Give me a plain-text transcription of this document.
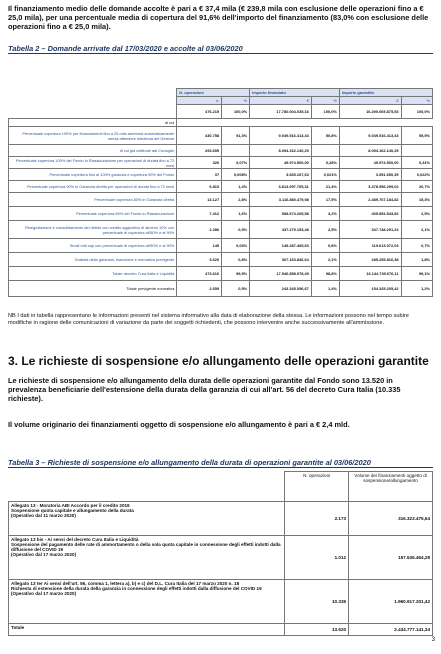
Il finanziamento medio delle domande accolte è pari a € 37,4 mila (€ 239,8 mila con esclusione delle operazioni fino a € 25,0 mila), per una percentuale media di copertura del 91,6% dell'importo del finanziamento (83,0% con esclusione delle operazioni fino a € 25,0 mila).
Tabella 2 – Domande arrivate dal 17/03/2020 e accolte al 03/06/2020
	N. operazioni		Importo finanziato		Importo garantito	
	n.	%	€	%	€	%
	476.215	100,0%	17.780.004.035,16	100,0%	16.290.065.875,53	100,0%
di cui						
Percentuale copertura 100% per finanziamenti fino a 25 mila ammessi automaticamente senza attendere istruttoria del Gestore	430.758	91,3%	9.039.516.413,43	50,8%	9.039.516.413,43	55,5%
di cui già ratificate dal Consiglio	293.695		8.094.162.140,29		8.094.162.140,29	
Percentuale copertura 100% del Fondo in Riassicurazione per operazioni di durata fino a 72 mesi	326	0,07%	49.974.500,00	0,28%	49.974.500,00	0,31%
Percentuale copertura fino al 100% garanzia e copertura 90% del Fondo	37	0,008%	3.665.167,63	0,021%	3.551.650,39	0,022%
Percentuale copertura 90% in Garanzia diretta per operazioni di durata fino a 72 mesi	6.815	1,4%	3.813.097.765,31	21,4%	3.378.556.299,02	20,7%
Percentuale copertura 80% in Garanzia diretta	13.127	2,8%	3.116.880.479,98	17,5%	2.489.767.184,82	15,3%
Percentuale copertura 80% del Fondo in Riassicurazione	7.412	1,6%	568.674.205,58	3,2%	405.854.543,82	2,5%
Rinegoziazione e consolidamento del debito con credito aggiuntivo di almeno 10% con percentuale di copertura all'80% e al 90%	2.286	0,5%	437.279.153,48	2,5%	347.748.291,24	2,1%
Small mid cap con percentuale di copertura all'80% e al 90%	145	0,03%	149.287.465,63	0,8%	119.613.072,03	0,7%
Gratuità della garanzia, esenzione e normativa previgente	3.620	0,8%	367.163.846,64	2,1%	285.255.816,38	1,8%
Totale decreto Cura Italia e Liquidità	473.616	99,5%	17.546.858.978,49	98,8%	16.144.739.676,11	99,1%
Totale previgente normativa	2.659	0,5%	243.345.056,67	1,4%	154.325.205,42	1,2%
NB I dati in tabella rappresentano le informazioni presenti nel sistema informativo alla data di elaborazione della stessa. Le informazioni possono nel tempo subire modifiche in ragione delle comunicazioni di variazione da parte dei soggetti richiedenti, che possono intervenire anche successivamente all'ammissione.
3. Le richieste di sospensione e/o allungamento delle operazioni garantite
Le richieste di sospensione e/o allungamento della durata delle operazioni garantite dal Fondo sono 13.520 in prevalenza beneficiarie dell'estensione della durata della garanzia di cui all'art. 56 del decreto Cura Italia (10.335 richieste).
Il volume originario dei finanziamenti oggetto di sospensione e/o allungamento è pari a € 2,4 mld.
Tabella 3 – Richieste di sospensione e/o allungamento della durata di operazioni garantite al 03/06/2020
	N. operazioni	Volume dei finanziamenti oggetto di sospensione/allungamento

Allegato 13 - Moratoria ABI Accordo per il credito 2019
Sospensione quota capitale e allungamento della durata
(Operativo dal 11 marzo 2020)	2.173	316.323.475,64

Allegato 13 bis - Ai sensi del decreto Cura Italia e Liquidità
Sospensione del pagamento delle rate di ammortamento o della sola quota capitale in connessione degli effetti indotti dalla diffusione del COVID 19
(Operativo dal 17 marzo 2020)	1.012	157.536.464,28

Allegato 13 ter Ai sensi dell'art. 56, comma 1, lettera a), b) e c) del D.L. Cura Italia del 17 marzo 2020 n. 18
Richiesta di estensione della durata della garanzia in connessione degli effetti indotti dalla diffusione del COVID 19
(Operativo dal 17 marzo 2020)	10.335	1.960.917.201,42
Totale	13.520	2.434.777.141,34
3
